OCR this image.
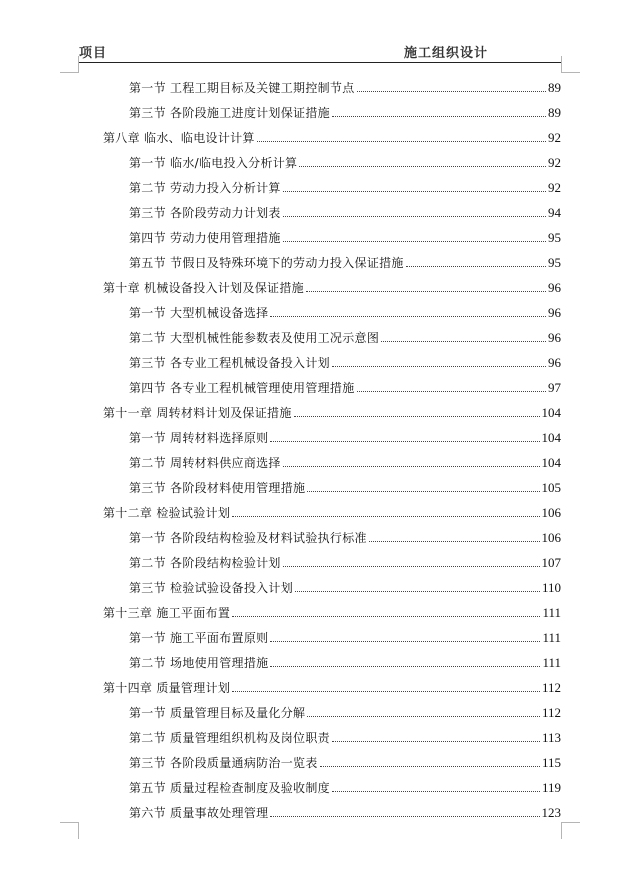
项目	施工组织设计
第一节 工程工期目标及关键工期控制节点	89
第三节 各阶段施工进度计划保证措施	89
第八章 临水、临电设计计算	92
第一节 临水/临电投入分析计算	92
第二节 劳动力投入分析计算	92
第三节 各阶段劳动力计划表	94
第四节 劳动力使用管理措施	95
第五节 节假日及特殊环境下的劳动力投入保证措施	95
第十章 机械设备投入计划及保证措施	96
第一节 大型机械设备选择	96
第二节 大型机械性能参数表及使用工况示意图	96
第三节 各专业工程机械设备投入计划	96
第四节 各专业工程机械管理使用管理措施	97
第十一章 周转材料计划及保证措施	104
第一节 周转材料选择原则	104
第二节 周转材料供应商选择	104
第三节 各阶段材料使用管理措施	105
第十二章 检验试验计划	106
第一节 各阶段结构检验及材料试验执行标准	106
第二节 各阶段结构检验计划	107
第三节 检验试验设备投入计划	110
第十三章 施工平面布置	111
第一节 施工平面布置原则	111
第二节 场地使用管理措施	111
第十四章 质量管理计划	112
第一节 质量管理目标及量化分解	112
第二节 质量管理组织机构及岗位职责	113
第三节 各阶段质量通病防治一览表	115
第五节 质量过程检查制度及验收制度	119
第六节 质量事故处理管理	123
